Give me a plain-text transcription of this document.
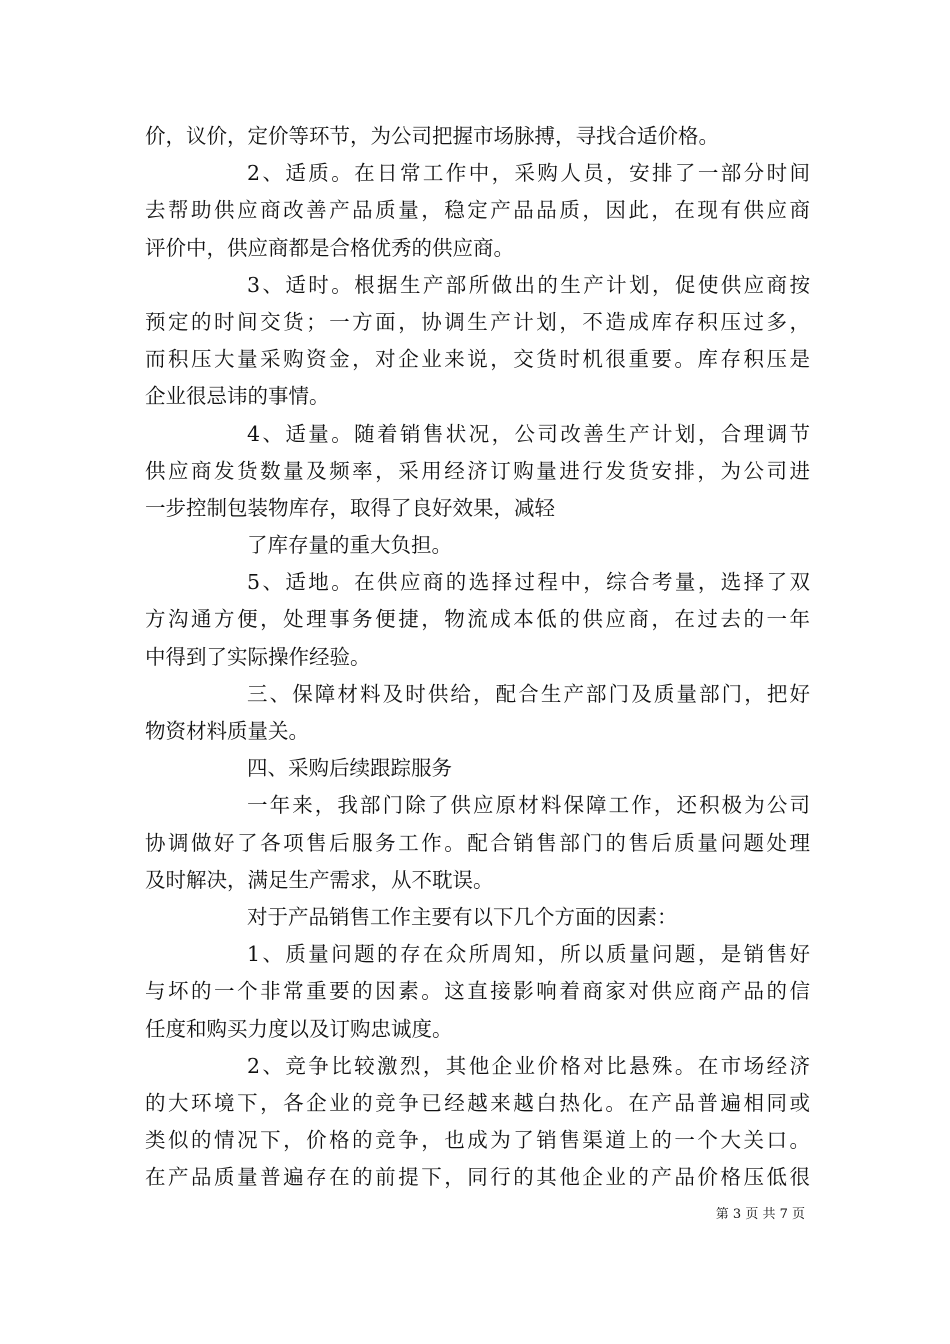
价，议价，定价等环节，为公司把握市场脉搏，寻找合适价格。
2、适质。在日常工作中，采购人员，安排了一部分时间
去帮助供应商改善产品质量，稳定产品品质，因此，在现有供应商
评价中，供应商都是合格优秀的供应商。
3、适时。根据生产部所做出的生产计划，促使供应商按
预定的时间交货；一方面，协调生产计划，不造成库存积压过多，
而积压大量采购资金，对企业来说，交货时机很重要。库存积压是
企业很忌讳的事情。
4、适量。随着销售状况，公司改善生产计划，合理调节
供应商发货数量及频率，采用经济订购量进行发货安排，为公司进
一步控制包装物库存，取得了良好效果，减轻
了库存量的重大负担。
5、适地。在供应商的选择过程中，综合考量，选择了双
方沟通方便，处理事务便捷，物流成本低的供应商，在过去的一年
中得到了实际操作经验。
三、保障材料及时供给，配合生产部门及质量部门，把好
物资材料质量关。
四、采购后续跟踪服务
一年来，我部门除了供应原材料保障工作，还积极为公司
协调做好了各项售后服务工作。配合销售部门的售后质量问题处理
及时解决，满足生产需求，从不耽误。
对于产品销售工作主要有以下几个方面的因素：
1、质量问题的存在众所周知，所以质量问题，是销售好
与坏的一个非常重要的因素。这直接影响着商家对供应商产品的信
任度和购买力度以及订购忠诚度。
2、竞争比较激烈，其他企业价格对比悬殊。在市场经济
的大环境下，各企业的竞争已经越来越白热化。在产品普遍相同或
类似的情况下，价格的竞争，也成为了销售渠道上的一个大关口。
在产品质量普遍存在的前提下，同行的其他企业的产品价格压低很
第 3 页 共 7 页
